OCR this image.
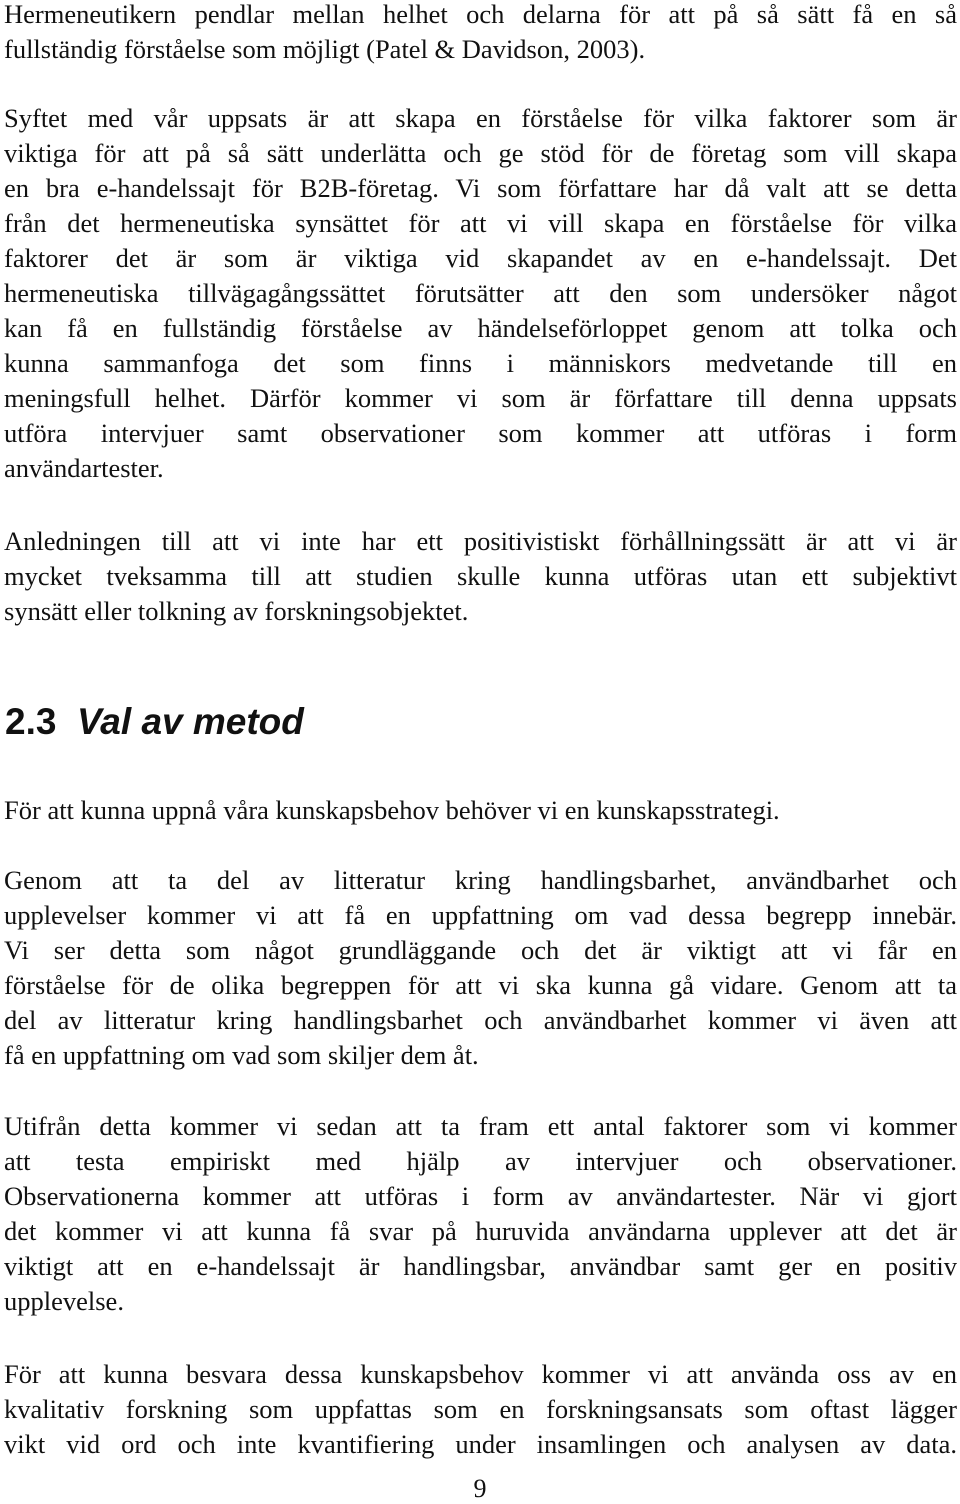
Hermeneutikern pendlar mellan helhet och delarna för att på så sätt få en så
fullständig förståelse som möjligt (Patel & Davidson, 2003).
Syftet med vår uppsats är att skapa en förståelse för vilka faktorer som är
viktiga för att på så sätt underlätta och ge stöd för de företag som vill skapa
en bra e-handelssajt för B2B-företag. Vi som författare har då valt att se detta
från det hermeneutiska synsättet för att vi vill skapa en förståelse för vilka
faktorer det är som är viktiga vid skapandet av en e-handelssajt. Det
hermeneutiska tillvägagångssättet förutsätter att den som undersöker något
kan få en fullständig förståelse av händelseförloppet genom att tolka och
kunna sammanfoga det som finns i människors medvetande till en
meningsfull helhet. Därför kommer vi som är författare till denna uppsats
utföra intervjuer samt observationer som kommer att utföras i form
användartester.
Anledningen till att vi inte har ett positivistiskt förhållningssätt är att vi är
mycket tveksamma till att studien skulle kunna utföras utan ett subjektivt
synsätt eller tolkning av forskningsobjektet.
2.3 Val av metod
För att kunna uppnå våra kunskapsbehov behöver vi en kunskapsstrategi.
Genom att ta del av litteratur kring handlingsbarhet, användbarhet och
upplevelser kommer vi att få en uppfattning om vad dessa begrepp innebär.
Vi ser detta som något grundläggande och det är viktigt att vi får en
förståelse för de olika begreppen för att vi ska kunna gå vidare. Genom att ta
del av litteratur kring handlingsbarhet och användbarhet kommer vi även att
få en uppfattning om vad som skiljer dem åt.
Utifrån detta kommer vi sedan att ta fram ett antal faktorer som vi kommer
att testa empiriskt med hjälp av intervjuer och observationer.
Observationerna kommer att utföras i form av användartester. När vi gjort
det kommer vi att kunna få svar på huruvida användarna upplever att det är
viktigt att en e-handelssajt är handlingsbar, användbar samt ger en positiv
upplevelse.
För att kunna besvara dessa kunskapsbehov kommer vi att använda oss av en
kvalitativ forskning som uppfattas som en forskningsansats som oftast lägger
vikt vid ord och inte kvantifiering under insamlingen och analysen av data.
9
